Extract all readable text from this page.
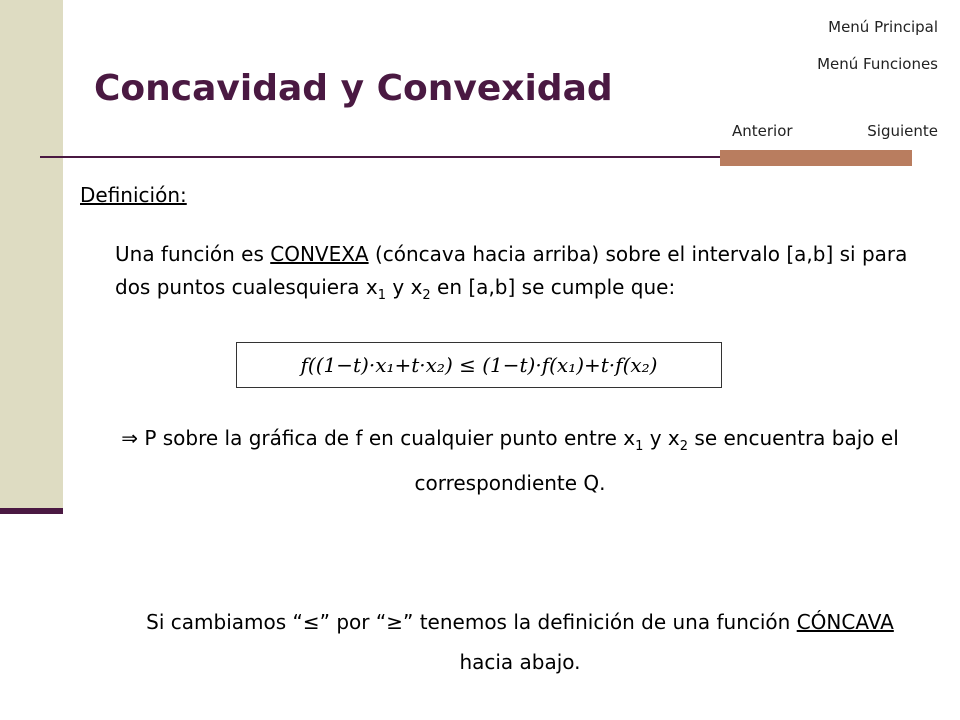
Menú Principal
Menú Funciones
Anterior	Siguiente
Concavidad y Convexidad
Definición:
Una función es CONVEXA (cóncava hacia arriba) sobre el intervalo [a,b] si para dos puntos cualesquiera $x_1$ y $x_2$ en [a,b] se cumple que:
f((1−t)·x₁+t·x₂) ≤ (1−t)·f(x₁)+t·f(x₂)
⇒ P sobre la gráfica de f en cualquier punto entre $x_1$ y $x_2$ se encuentra bajo el correspondiente Q.
Si cambiamos “≤” por “≥” tenemos la definición de una función CÓNCAVA hacia abajo.
